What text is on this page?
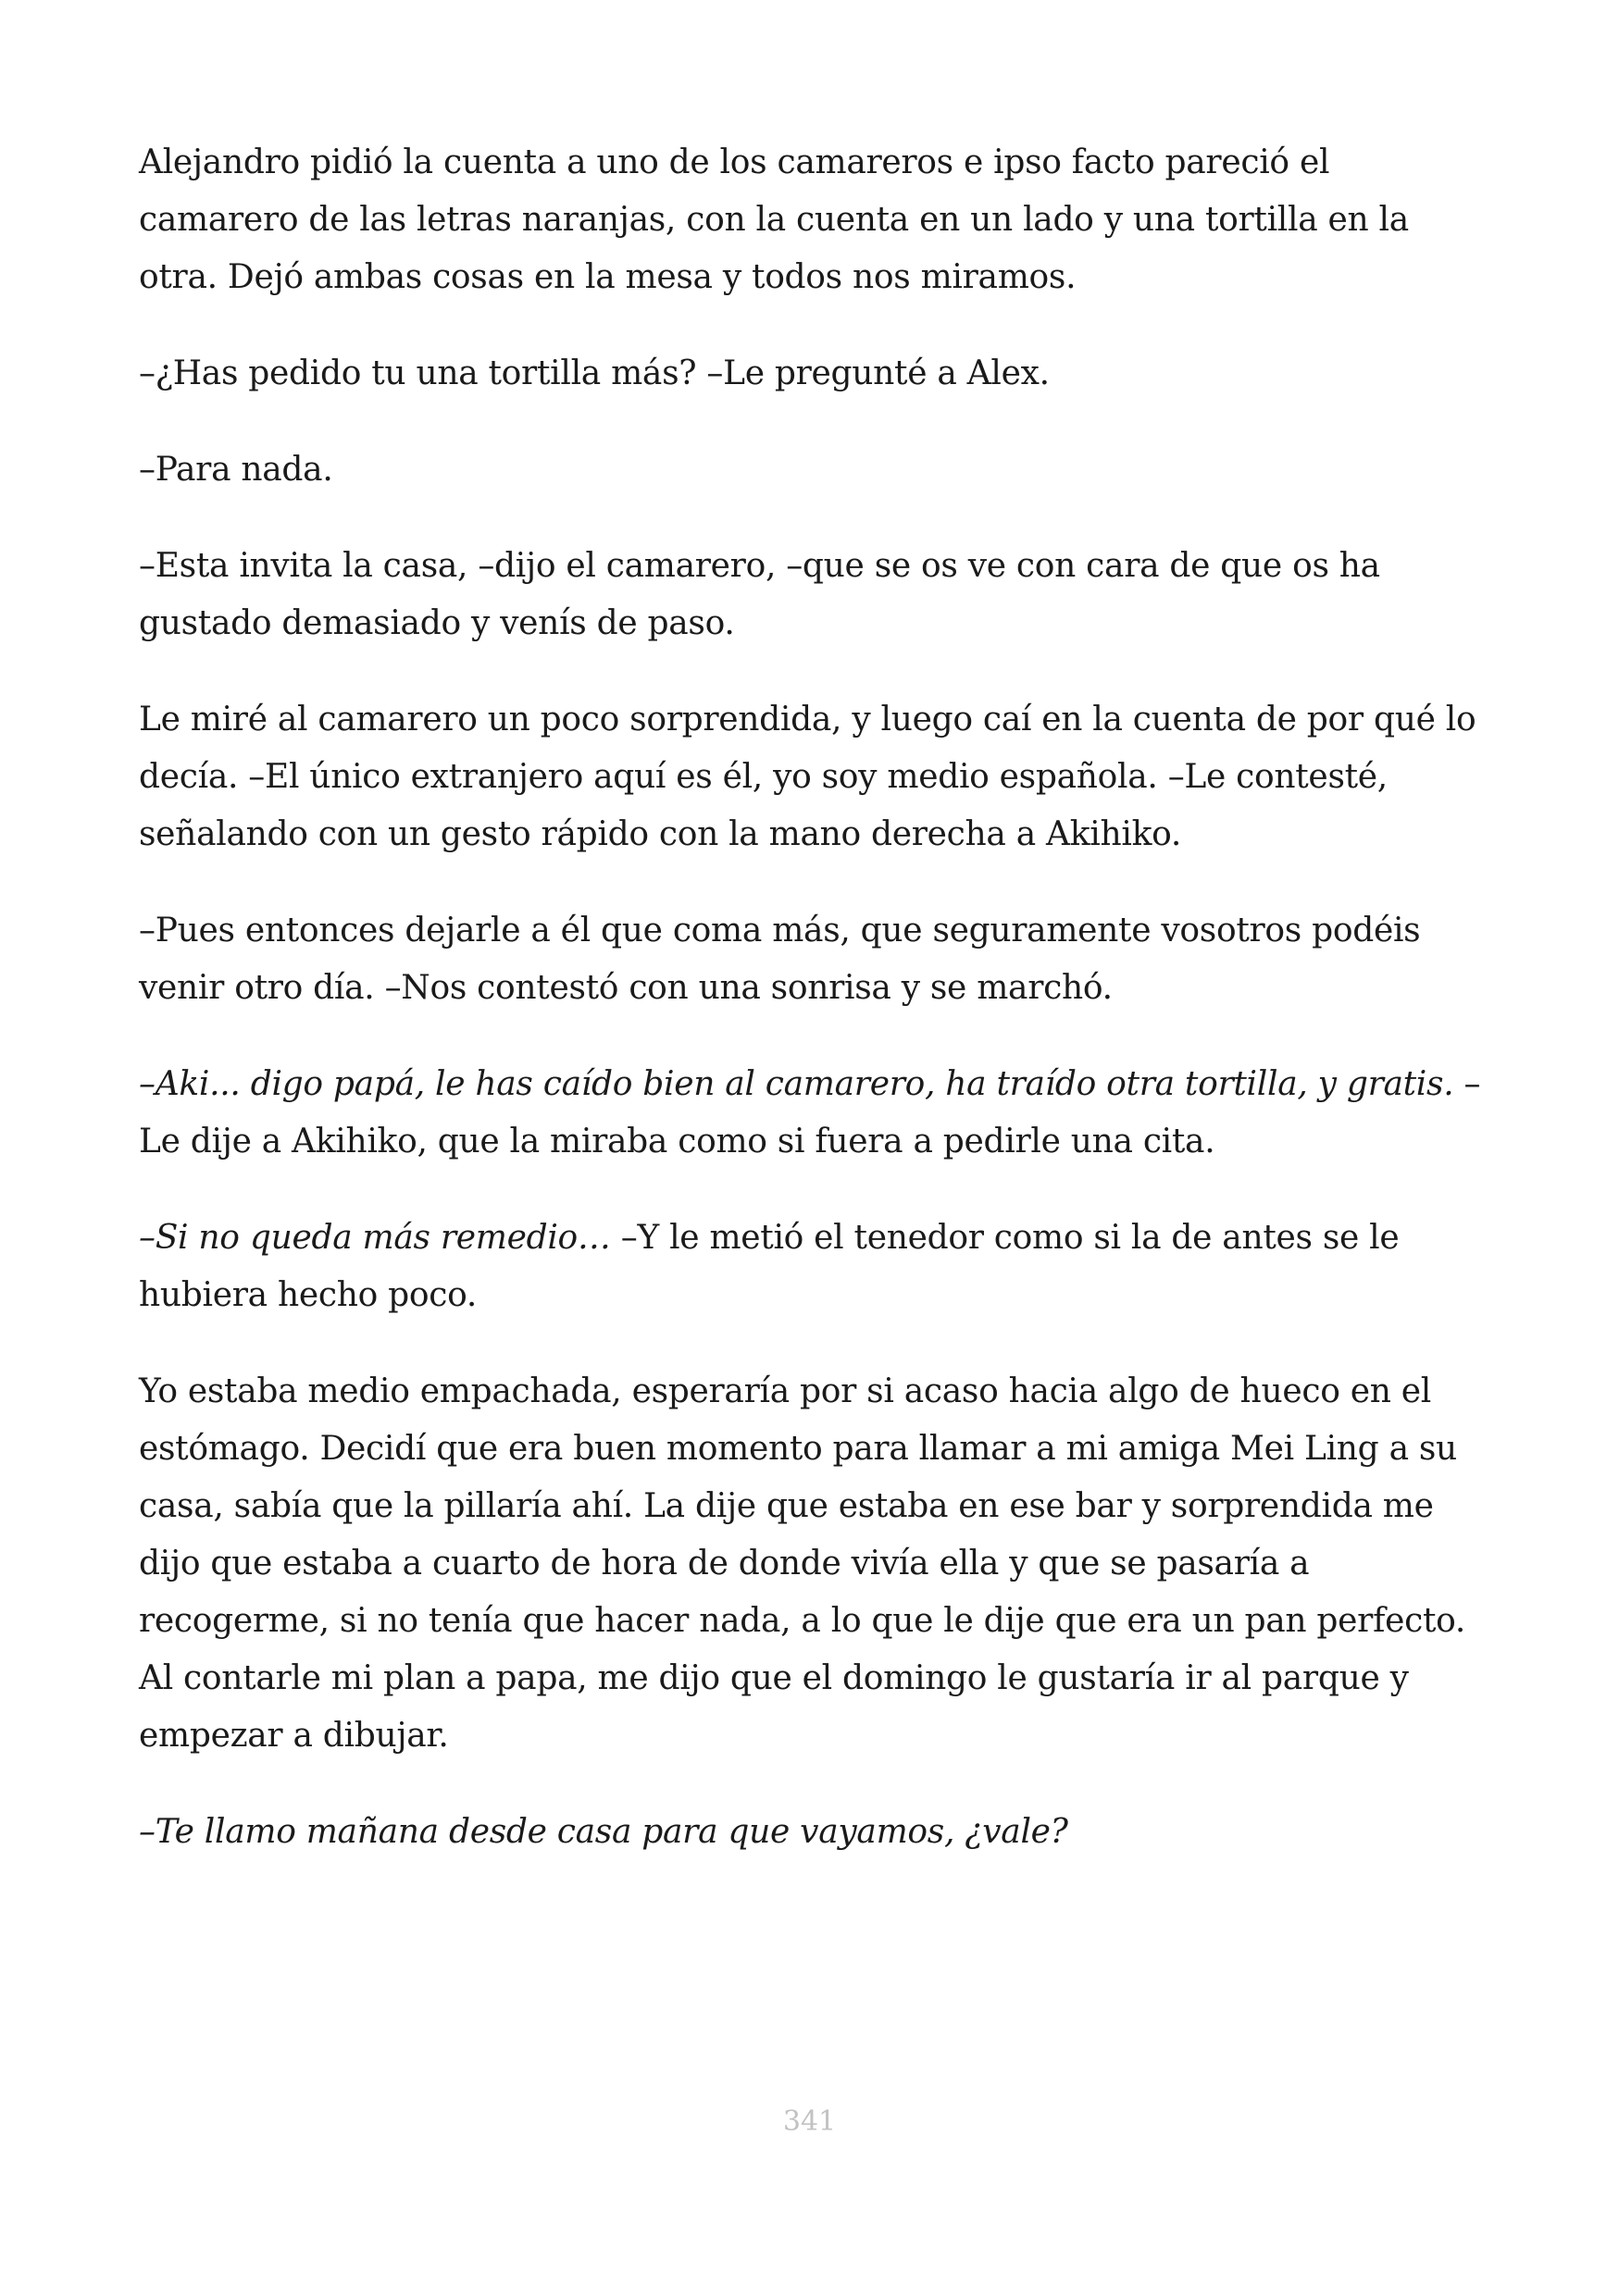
Alejandro pidió la cuenta a uno de los camareros e ipso facto pareció el camarero de las letras naranjas, con la cuenta en un lado y una tortilla en la otra. Dejó ambas cosas en la mesa y todos nos miramos.

–¿Has pedido tu una tortilla más? –Le pregunté a Alex.

–Para nada.

–Esta invita la casa, –dijo el camarero, –que se os ve con cara de que os ha gustado demasiado y venís de paso.

Le miré al camarero un poco sorprendida, y luego caí en la cuenta de por qué lo decía. –El único extranjero aquí es él, yo soy medio española. –Le contesté, señalando con un gesto rápido con la mano derecha a Akihiko.

–Pues entonces dejarle a él que coma más, que seguramente vosotros podéis venir otro día. –Nos contestó con una sonrisa y se marchó.

–Aki... digo papá, le has caído bien al camarero, ha traído otra tortilla, y gratis. –Le dije a Akihiko, que la miraba como si fuera a pedirle una cita.

–Si no queda más remedio… –Y le metió el tenedor como si la de antes se le hubiera hecho poco.

Yo estaba medio empachada, esperaría por si acaso hacia algo de hueco en el estómago. Decidí que era buen momento para llamar a mi amiga Mei Ling a su casa, sabía que la pillaría ahí. La dije que estaba en ese bar y sorprendida me dijo que estaba a cuarto de hora de donde vivía ella y que se pasaría a recogerme, si no tenía que hacer nada, a lo que le dije que era un pan perfecto. Al contarle mi plan a papa, me dijo que el domingo le gustaría ir al parque y empezar a dibujar.

–Te llamo mañana desde casa para que vayamos, ¿vale?

341
